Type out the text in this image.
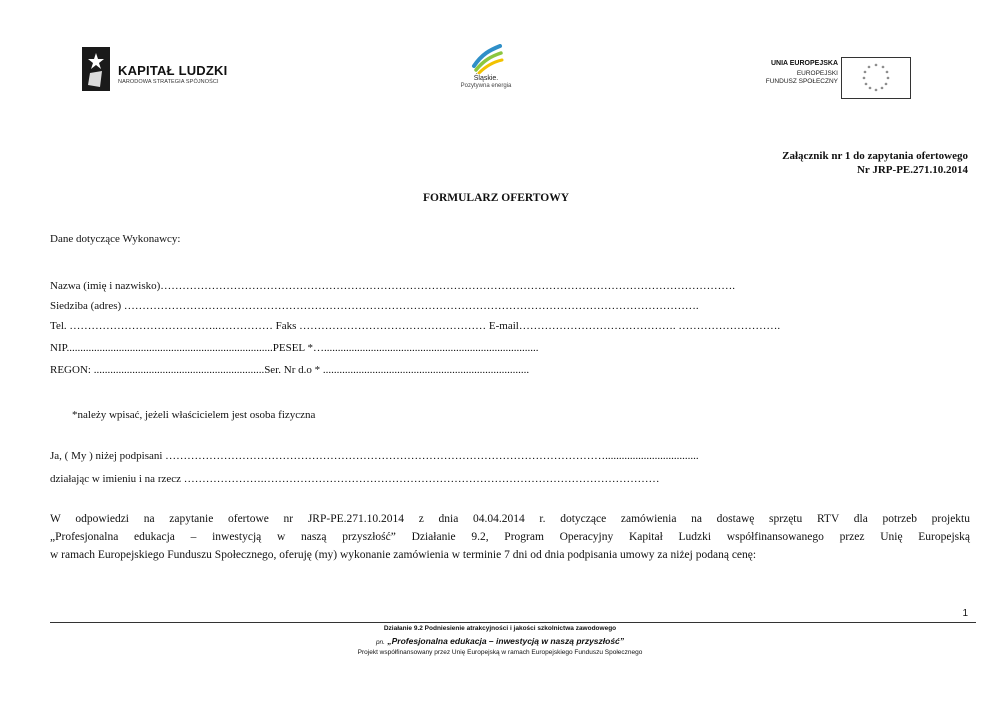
KAPITAŁ LUDZKI
NARODOWA STRATEGIA SPÓJNOŚCI	Śląskie.
Pozytywna energia
UNIA EUROPEJSKA
EUROPEJSKI
FUNDUSZ SPOŁECZNY
* *
*
*
*
*
*
*
*
*
*
*
Załącznik nr 1 do zapytania ofertowego
Nr JRP-PE.271.10.2014
FORMULARZ OFERTOWY
Dane dotyczące Wykonawcy:
Nazwa (imię i nazwisko)………………………………………………………………………………………………………………………………………….
Siedziba (adres) ………………………………………………………………………………………………………………………………………….
Tel. …………………………………..…………… Faks …………………………………………… E-mail……………………………………. ……………………….
NIP...........................................................................PESEL *…..............................................................................
REGON: ..............................................................Ser. Nr d.o * ...........................................................................
*należy wpisać, jeżeli właścicielem jest osoba fizyczna
Ja, ( My ) niżej podpisani …………………………………………………………………………………………………………..................................
działając w imieniu i na rzecz ………………….………………………………………………………………………………………………
W odpowiedzi na zapytanie ofertowe nr JRP-PE.271.10.2014 z dnia 04.04.2014 r. dotyczące zamówienia na dostawę sprzętu RTV dla potrzeb projektu
„Profesjonalna edukacja – inwestycją w naszą przyszłość” Działanie 9.2, Program Operacyjny Kapitał Ludzki współfinansowanego przez Unię Europejską
w ramach Europejskiego Funduszu Społecznego, oferuję (my) wykonanie zamówienia w terminie 7 dni od dnia podpisania umowy za niżej podaną cenę:
1
Działanie 9.2 Podniesienie atrakcyjności i jakości szkolnictwa zawodowego
pn. „Profesjonalna edukacja – inwestycją w naszą przyszłość”
Projekt współfinansowany przez Unię Europejską w ramach Europejskiego Funduszu Społecznego
